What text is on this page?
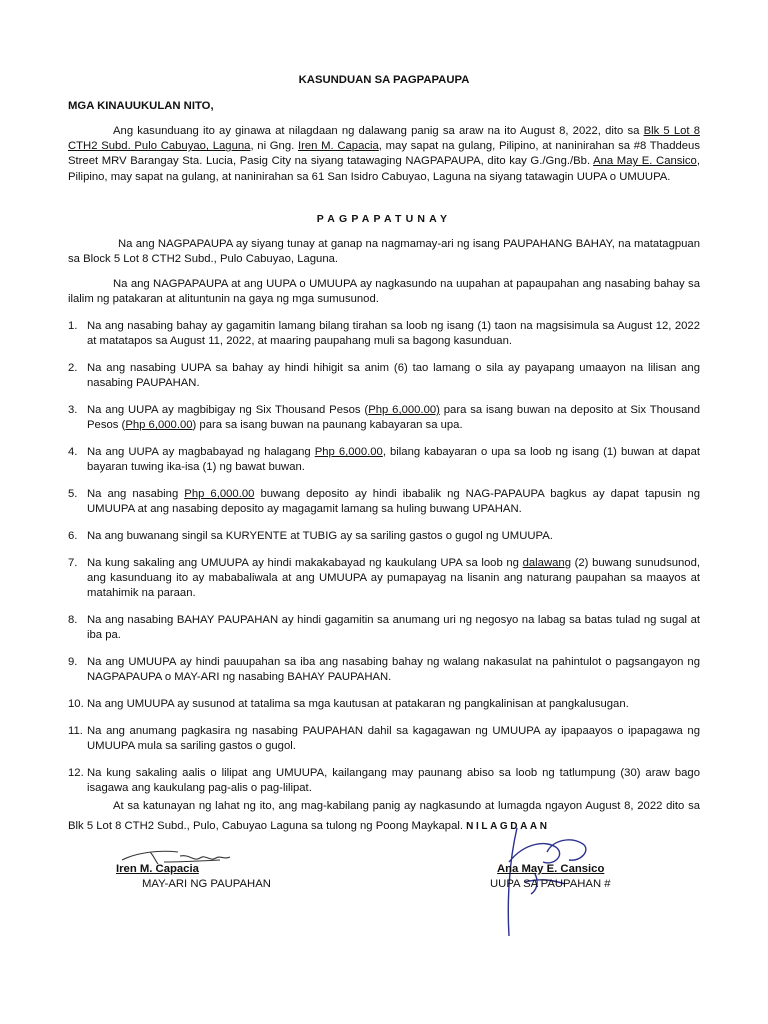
KASUNDUAN SA PAGPAPAUPA
MGA KINAUUKULAN NITO,

Ang kasunduang ito ay ginawa at nilagdaan ng dalawang panig sa araw na ito August 8, 2022, dito sa Blk 5 Lot 8 CTH2 Subd. Pulo Cabuyao, Laguna, ni Gng. Iren M. Capacia, may sapat na gulang, Pilipino, at naninirahan sa #8 Thaddeus Street MRV Barangay Sta. Lucia, Pasig City na siyang tatawaging NAGPAPAUPA, dito kay G./Gng./Bb. Ana May E. Cansico, Pilipino, may sapat na gulang, at naninirahan sa 61 San Isidro Cabuyao, Laguna na siyang tatawagin UUPA o UMUUPA.

PAGPAPATUNAY

Na ang NAGPAPAUPA ay siyang tunay at ganap na nagmamay-ari ng isang PAUPAHANG BAHAY, na matatagpuan sa Block 5 Lot 8 CTH2 Subd., Pulo Cabuyao, Laguna.

Na ang NAGPAPAUPA at ang UUPA o UMUUPA ay nagkasundo na uupahan at papaupahan ang nasabing bahay sa ilalim ng patakaran at alituntunin na gaya ng mga sumusunod.

1. Na ang nasabing bahay ay gagamitin lamang bilang tirahan sa loob ng isang (1) taon na magsisimula sa August 12, 2022 at matatapos sa August 11, 2022, at maaring paupahang muli sa bagong kasunduan.
2. Na ang nasabing UUPA sa bahay ay hindi hihigit sa anim (6) tao lamang o sila ay payapang umaayon na lilisan ang nasabing PAUPAHAN.
3. Na ang UUPA ay magbibigay ng Six Thousand Pesos (Php 6,000.00) para sa isang buwan na deposito at Six Thousand Pesos (Php 6,000.00) para sa isang buwan na paunang kabayaran sa upa.
4. Na ang UUPA ay magbabayad ng halagang Php 6,000.00, bilang kabayaran o upa sa loob ng isang (1) buwan at dapat bayaran tuwing ika-isa (1) ng bawat buwan.
5. Na ang nasabing Php 6,000.00 buwang deposito ay hindi ibabalik ng NAG-PAPAUPA bagkus ay dapat tapusin ng UMUUPA at ang nasabing deposito ay magagamit lamang sa huling buwang UPAHAN.
6. Na ang buwanang singil sa KURYENTE at TUBIG ay sa sariling gastos o gugol ng UMUUPA.
7. Na kung sakaling ang UMUUPA ay hindi makakabayad ng kaukulang UPA sa loob ng dalawang (2) buwang sunudsunod, ang kasunduang ito ay mababaliwala at ang UMUUPA ay pumapayag na lisanin ang naturang paupahan sa maayos at matahimik na paraan.
8. Na ang nasabing BAHAY PAUPAHAN ay hindi gagamitin sa anumang uri ng negosyo na labag sa batas tulad ng sugal at iba pa.
9. Na ang UMUUPA ay hindi pauupahan sa iba ang nasabing bahay ng walang nakasulat na pahintulot o pagsangayon ng NAGPAPAUPA o MAY-ARI ng nasabing BAHAY PAUPAHAN.
10. Na ang UMUUPA ay susunod at tatalima sa mga kautusan at patakaran ng pangkalinisan at pangkalusugan.
11. Na ang anumang pagkasira ng nasabing PAUPAHAN dahil sa kagagawan ng UMUUPA ay ipapaayos o ipapagawa ng UMUUPA mula sa sariling gastos o gugol.
12. Na kung sakaling aalis o lilipat ang UMUUPA, kailangang may paunang abiso sa loob ng tatlumpung (30) araw bago isagawa ang kaukulang pag-alis o pag-lilipat.

At sa katunayan ng lahat ng ito, ang mag-kabilang panig ay nagkasundo at lumagda ngayon August 8, 2022 dito sa Blk 5 Lot 8 CTH2 Subd., Pulo, Cabuyao Laguna sa tulong ng Poong Maykapal. NILAGDAAN

Iren M. Capacia
MAY-ARI NG PAUPAHAN
Ana May E. Cansico
UUPA SA PAUPAHAN #
